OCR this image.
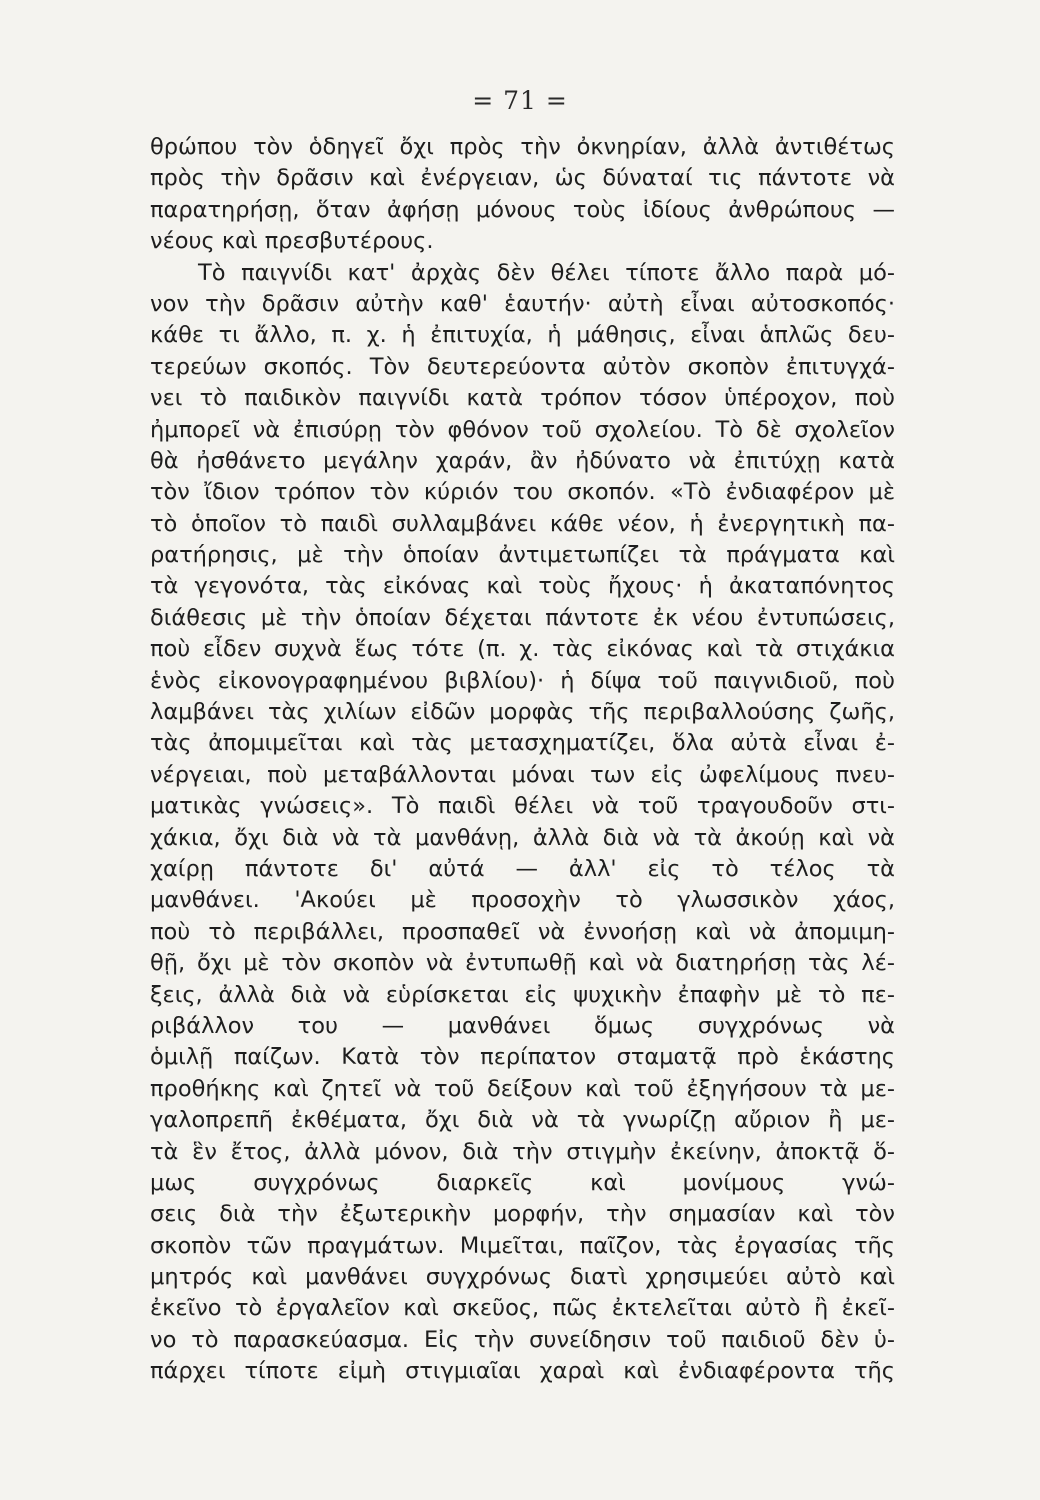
= 71 =
θρώπου τὸν ὁδηγεῖ ὄχι πρὸς τὴν ὀκνηρίαν, ἀλλὰ ἀντιθέτως
πρὸς τὴν δρᾶσιν καὶ ἐνέργειαν, ὡς δύναταί τις πάντοτε νὰ
παρατηρήσῃ, ὅταν ἀφήσῃ μόνους τοὺς ἰδίους ἀνθρώπους —
νέους καὶ πρεσβυτέρους.
Τὸ παιγνίδι κατ' ἀρχὰς δὲν θέλει τίποτε ἄλλο παρὰ μό-
νον τὴν δρᾶσιν αὐτὴν καθ' ἑαυτήν· αὐτὴ εἶναι αὐτοσκοπός·
κάθε τι ἄλλο, π. χ. ἡ ἐπιτυχία, ἡ μάθησις, εἶναι ἁπλῶς δευ-
τερεύων σκοπός. Τὸν δευτερεύοντα αὐτὸν σκοπὸν ἐπιτυγχά-
νει τὸ παιδικὸν παιγνίδι κατὰ τρόπον τόσον ὑπέροχον, ποὺ
ἠμπορεῖ νὰ ἐπισύρῃ τὸν φθόνον τοῦ σχολείου. Τὸ δὲ σχολεῖον
θὰ ἠσθάνετο μεγάλην χαράν, ἂν ἠδύνατο νὰ ἐπιτύχῃ κατὰ
τὸν ἴδιον τρόπον τὸν κύριόν του σκοπόν. «Τὸ ἐνδιαφέρον μὲ
τὸ ὁποῖον τὸ παιδὶ συλλαμβάνει κάθε νέον, ἡ ἐνεργητικὴ πα-
ρατήρησις, μὲ τὴν ὁποίαν ἀντιμετωπίζει τὰ πράγματα καὶ
τὰ γεγονότα, τὰς εἰκόνας καὶ τοὺς ἤχους· ἡ ἀκαταπόνητος
διάθεσις μὲ τὴν ὁποίαν δέχεται πάντοτε ἐκ νέου ἐντυπώσεις,
ποὺ εἶδεν συχνὰ ἕως τότε (π. χ. τὰς εἰκόνας καὶ τὰ στιχάκια
ἑνὸς εἰκονογραφημένου βιβλίου)· ἡ δίψα τοῦ παιγνιδιοῦ, ποὺ
λαμβάνει τὰς χιλίων εἰδῶν μορφὰς τῆς περιβαλλούσης ζωῆς,
τὰς ἀπομιμεῖται καὶ τὰς μετασχηματίζει, ὅλα αὐτὰ εἶναι ἐ-
νέργειαι, ποὺ μεταβάλλονται μόναι των εἰς ὠφελίμους πνευ-
ματικὰς γνώσεις». Τὸ παιδὶ θέλει νὰ τοῦ τραγουδοῦν στι-
χάκια, ὄχι διὰ νὰ τὰ μανθάνῃ, ἀλλὰ διὰ νὰ τὰ ἀκούῃ καὶ νὰ
χαίρῃ πάντοτε δι' αὐτά — ἀλλ' εἰς τὸ τέλος τὰ
μανθάνει. 'Ακούει μὲ προσοχὴν τὸ γλωσσικὸν χάος,
ποὺ τὸ περιβάλλει, προσπαθεῖ νὰ ἐννοήσῃ καὶ νὰ ἀπομιμη-
θῇ, ὄχι μὲ τὸν σκοπὸν νὰ ἐντυπωθῇ καὶ νὰ διατηρήσῃ τὰς λέ-
ξεις, ἀλλὰ διὰ νὰ εὑρίσκεται εἰς ψυχικὴν ἐπαφὴν μὲ τὸ πε-
ριβάλλον του — μανθάνει ὅμως συγχρόνως νὰ
ὁμιλῇ παίζων. Κατὰ τὸν περίπατον σταματᾷ πρὸ ἑκάστης
προθήκης καὶ ζητεῖ νὰ τοῦ δείξουν καὶ τοῦ ἐξηγήσουν τὰ με-
γαλοπρεπῆ ἐκθέματα, ὄχι διὰ νὰ τὰ γνωρίζῃ αὔριον ἢ με-
τὰ ἓν ἔτος, ἀλλὰ μόνον, διὰ τὴν στιγμὴν ἐκείνην, ἀποκτᾷ ὅ-
μως συγχρόνως διαρκεῖς καὶ μονίμους γνώ-
σεις διὰ τὴν ἐξωτερικὴν μορφήν, τὴν σημασίαν καὶ τὸν
σκοπὸν τῶν πραγμάτων. Μιμεῖται, παῖζον, τὰς ἐργασίας τῆς
μητρός καὶ μανθάνει συγχρόνως διατὶ χρησιμεύει αὐτὸ καὶ
ἐκεῖνο τὸ ἐργαλεῖον καὶ σκεῦος, πῶς ἐκτελεῖται αὐτὸ ἢ ἐκεῖ-
νο τὸ παρασκεύασμα. Εἰς τὴν συνείδησιν τοῦ παιδιοῦ δὲν ὑ-
πάρχει τίποτε εἰμὴ στιγμιαῖαι χαραὶ καὶ ἐνδιαφέροντα τῆς
